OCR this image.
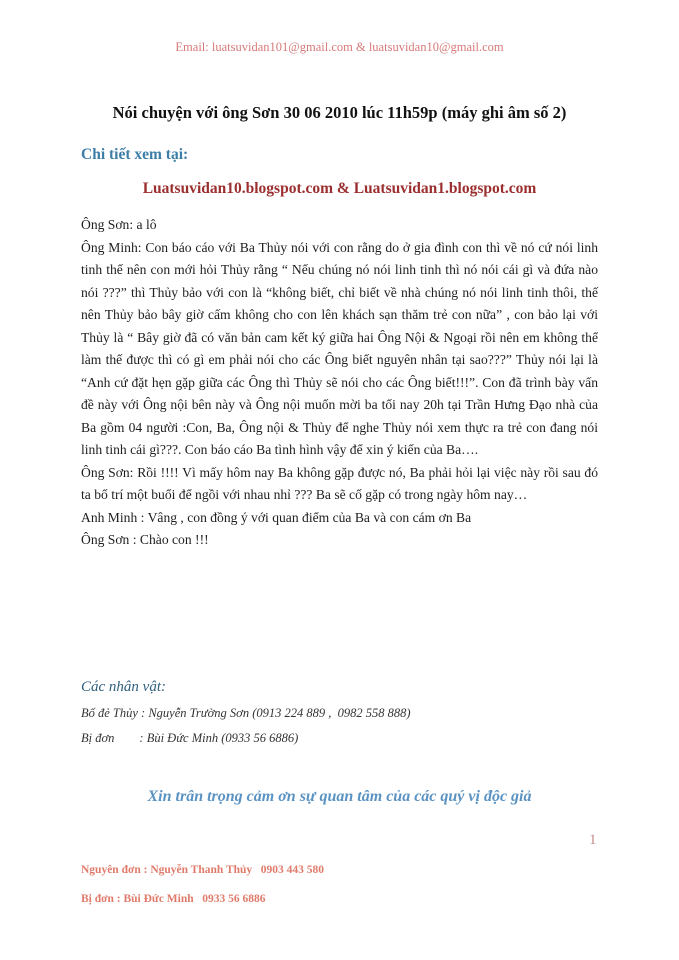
Email: luatsuvidan101@gmail.com & luatsuvidan10@gmail.com
Nói chuyện với ông Sơn 30 06 2010 lúc 11h59p (máy ghi âm số 2)
Chi tiết xem tại:
Luatsuvidan10.blogspot.com & Luatsuvidan1.blogspot.com

Ông Sơn: a lô

Ông Minh: Con báo cáo với Ba Thủy nói với con rằng do ở gia đình con thì về nó cứ nói linh tinh thế nên con mới hỏi Thủy rằng “ Nếu chúng nó nói linh tinh thì nó nói cái gì và đứa nào nói ???” thì Thủy bảo với con là “không biết, chỉ biết về nhà chúng nó nói linh tinh thôi, thế nên Thủy bảo bây giờ cấm không cho con lên khách sạn thăm trẻ con nữa” , con bảo lại với Thủy là “ Bây giờ đã có văn bản cam kết ký giữa hai Ông Nội & Ngoại rồi nên em không thể làm thế được thì có gì em phải nói cho các Ông biết nguyên nhân tại sao???” Thủy nói lại là “Anh cứ đặt hẹn gặp giữa các Ông thì Thủy sẽ nói cho các Ông biết!!!”. Con đã trình bày vấn đề này với Ông nội bên này và Ông nội muốn mời ba tối nay 20h tại Trần Hưng Đạo nhà của Ba gồm 04 người :Con, Ba, Ông nội & Thủy để nghe Thủy nói xem thực ra trẻ con đang nói linh tinh cái gì???. Con báo cáo Ba tình hình vậy để xin ý kiến của Ba….

Ông Sơn: Rồi !!!! Vì mấy hôm nay Ba không gặp được nó, Ba phải hỏi lại việc này rồi sau đó ta bố trí một buổi để ngồi với nhau nhỉ ??? Ba sẽ cố gặp có trong ngày hôm nay…

Anh Minh : Vâng , con đồng ý với quan điểm của Ba và con cám ơn Ba

Ông Sơn : Chào con !!!

Các nhân vật:
Bố đẻ Thủy : Nguyễn Trường Sơn (0913 224 889 ,  0982 558 888)
Bị đơn        : Bùi Đức Minh (0933 56 6886)
Xin trân trọng cảm ơn sự quan tâm của các quý vị độc giả
1
Nguyên đơn : Nguyễn Thanh Thủy   0903 443 580
Bị đơn : Bùi Đức Minh   0933 56 6886
